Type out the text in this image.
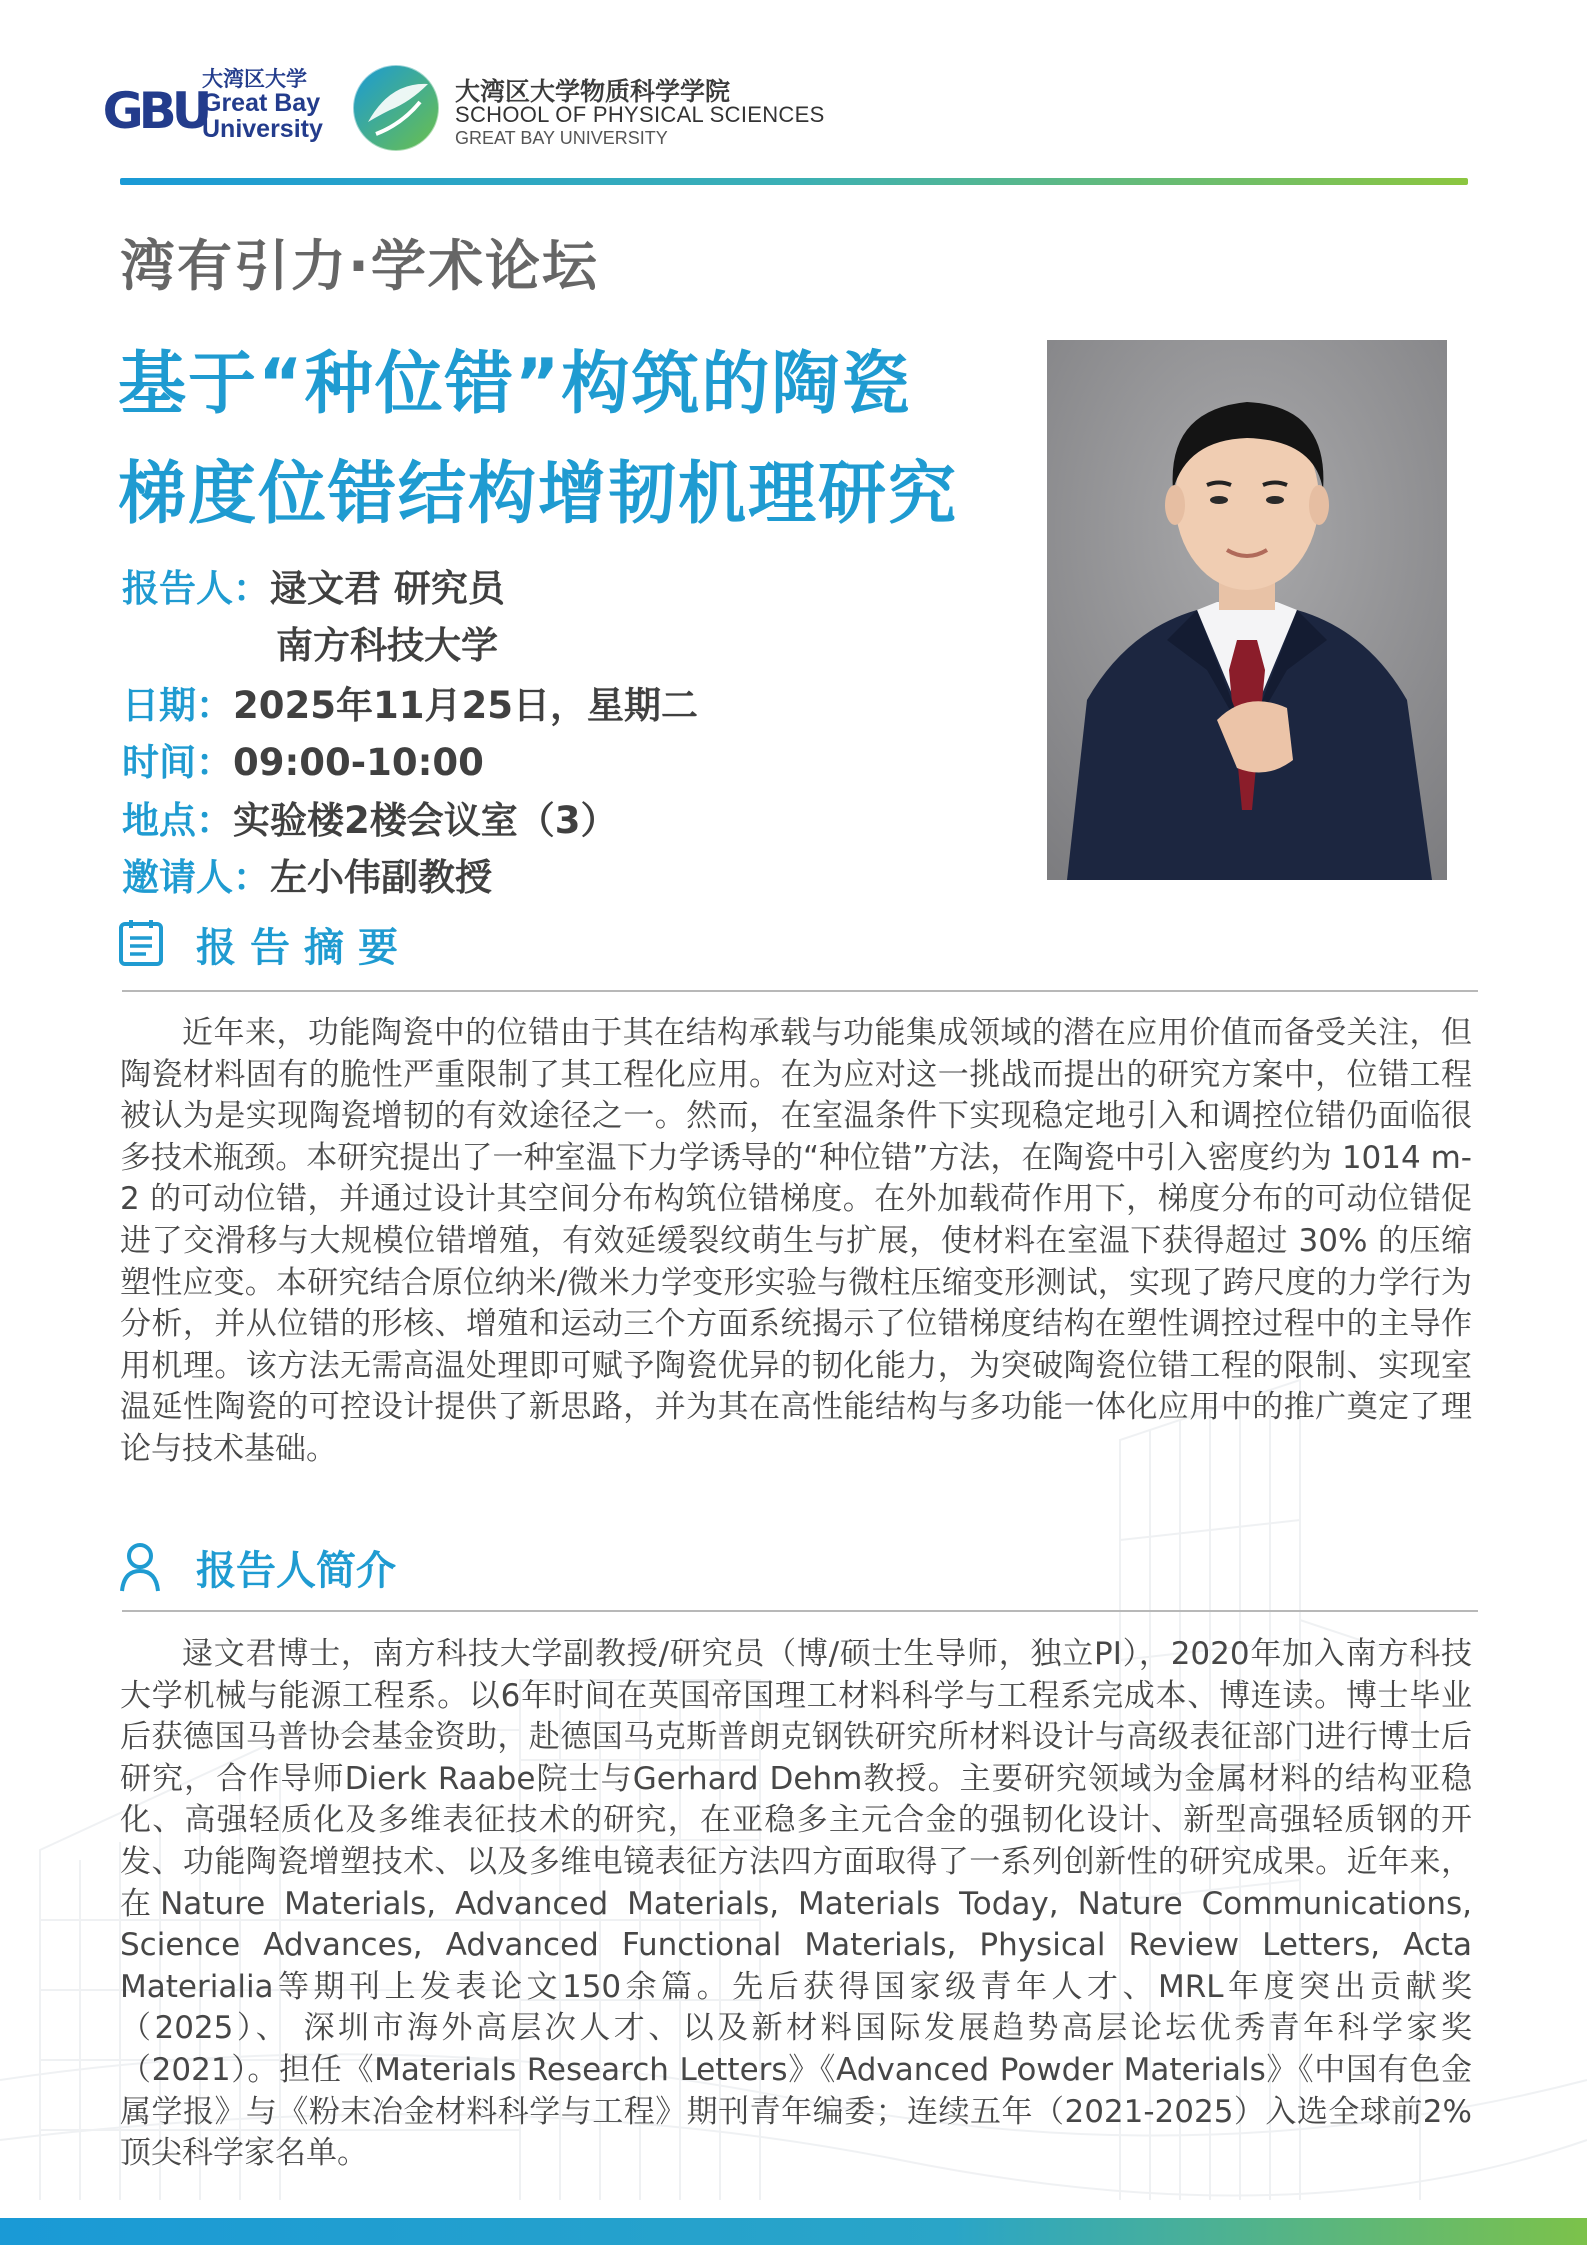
GBU
大湾区大学
Great Bay
University
大湾区大学物质科学学院
SCHOOL OF PHYSICAL SCIENCES
GREAT BAY UNIVERSITY
湾有引力·学术论坛
基于“种位错”构筑的陶瓷
梯度位错结构增韧机理研究
报告人：逯文君 研究员
南方科技大学
日期：2025年11月25日，星期二
时间：09:00-10:00
地点：实验楼2楼会议室（3）
邀请人：左小伟副教授
报告摘要

近年来，功能陶瓷中的位错由于其在结构承载与功能集成领域的潜在应用价值而备受关注，但陶瓷材料固有的脆性严重限制了其工程化应用。在为应对这一挑战而提出的研究方案中，位错工程被认为是实现陶瓷增韧的有效途径之一。然而，在室温条件下实现稳定地引入和调控位错仍面临很多技术瓶颈。本研究提出了一种室温下力学诱导的“种位错”方法，在陶瓷中引入密度约为 1014 m-2 的可动位错，并通过设计其空间分布构筑位错梯度。在外加载荷作用下，梯度分布的可动位错促进了交滑移与大规模位错增殖，有效延缓裂纹萌生与扩展，使材料在室温下获得超过 30% 的压缩塑性应变。本研究结合原位纳米/微米力学变形实验与微柱压缩变形测试，实现了跨尺度的力学行为分析，并从位错的形核、增殖和运动三个方面系统揭示了位错梯度结构在塑性调控过程中的主导作用机理。该方法无需高温处理即可赋予陶瓷优异的韧化能力，为突破陶瓷位错工程的限制、实现室温延性陶瓷的可控设计提供了新思路，并为其在高性能结构与多功能一体化应用中的推广奠定了理论与技术基础。

报告人简介

逯文君博士，南方科技大学副教授/研究员（博/硕士生导师，独立PI），2020年加入南方科技大学机械与能源工程系。以6年时间在英国帝国理工材料科学与工程系完成本、博连读。博士毕业后获德国马普协会基金资助，赴德国马克斯普朗克钢铁研究所材料设计与高级表征部门进行博士后研究，合作导师Dierk Raabe院士与Gerhard Dehm教授。主要研究领域为金属材料的结构亚稳化、高强轻质化及多维表征技术的研究，在亚稳多主元合金的强韧化设计、新型高强轻质钢的开发、功能陶瓷增塑技术、以及多维电镜表征方法四方面取得了一系列创新性的研究成果。近年来，在Nature Materials, Advanced Materials, Materials Today, Nature Communications, Science Advances, Advanced Functional Materials, Physical Review Letters, Acta Materialia等期刊上发表论文150余篇。先后获得国家级青年人才、MRL年度突出贡献奖（2025）、 深圳市海外高层次人才、以及新材料国际发展趋势高层论坛优秀青年科学家奖（2021）。担任《Materials Research Letters》《Advanced Powder Materials》《中国有色金属学报》与《粉末冶金材料科学与工程》期刊青年编委；连续五年（2021-2025）入选全球前2%顶尖科学家名单。
